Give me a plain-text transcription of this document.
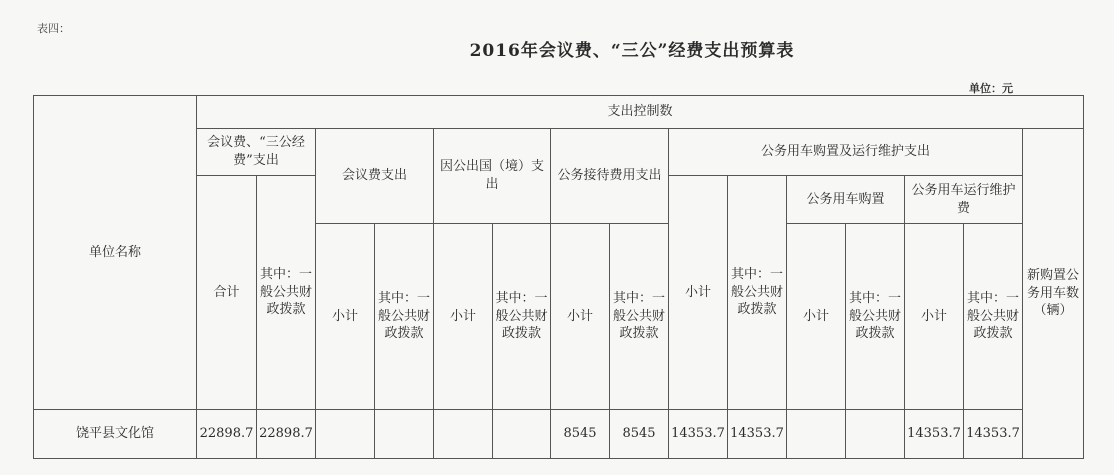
表四：
2016年会议费、“三公”经费支出预算表
单位：元
单位名称	支出控制数															
	会议费、“三公经费”支出		会议费支出		因公出国（境）支出		公务接待费用支出		公务用车购置及运行维护支出						新购置公务用车数（辆）	
	合计	其中：一般公共财政拨款							小计	其中：一般公共财政拨款	公务用车购置		公务用车运行维护费			
			小计	其中：一般公共财政拨款	小计	其中：一般公共财政拨款	小计	其中：一般公共财政拨款			小计	其中：一般公共财政拨款	小计	其中：一般公共财政拨款		
饶平县文化馆	22898.7	22898.7					8545	8545	14353.7	14353.7			14353.7	14353.7		
